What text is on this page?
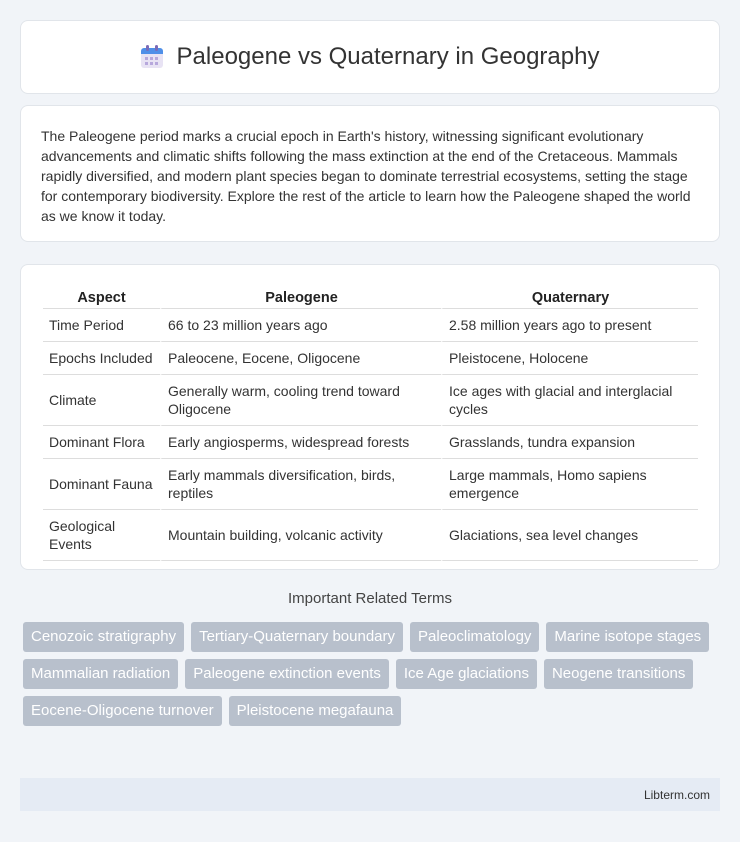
Paleogene vs Quaternary in Geography

The Paleogene period marks a crucial epoch in Earth's history, witnessing significant evolutionary advancements and climatic shifts following the mass extinction at the end of the Cretaceous. Mammals rapidly diversified, and modern plant species began to dominate terrestrial ecosystems, setting the stage for contemporary biodiversity. Explore the rest of the article to learn how the Paleogene shaped the world as we know it today.

Aspect	Paleogene	Quaternary
Time Period	66 to 23 million years ago	2.58 million years ago to present
Epochs Included	Paleocene, Eocene, Oligocene	Pleistocene, Holocene
Climate	Generally warm, cooling trend toward Oligocene	Ice ages with glacial and interglacial cycles
Dominant Flora	Early angiosperms, widespread forests	Grasslands, tundra expansion
Dominant Fauna	Early mammals diversification, birds, reptiles	Large mammals, Homo sapiens emergence
Geological Events	Mountain building, volcanic activity	Glaciations, sea level changes
Important Related Terms
Cenozoic stratigraphy	Tertiary-Quaternary boundary	Paleoclimatology	Marine isotope stages
Mammalian radiation	Paleogene extinction events	Ice Age glaciations	Neogene transitions
Eocene-Oligocene turnover	Pleistocene megafauna
Libterm.com
